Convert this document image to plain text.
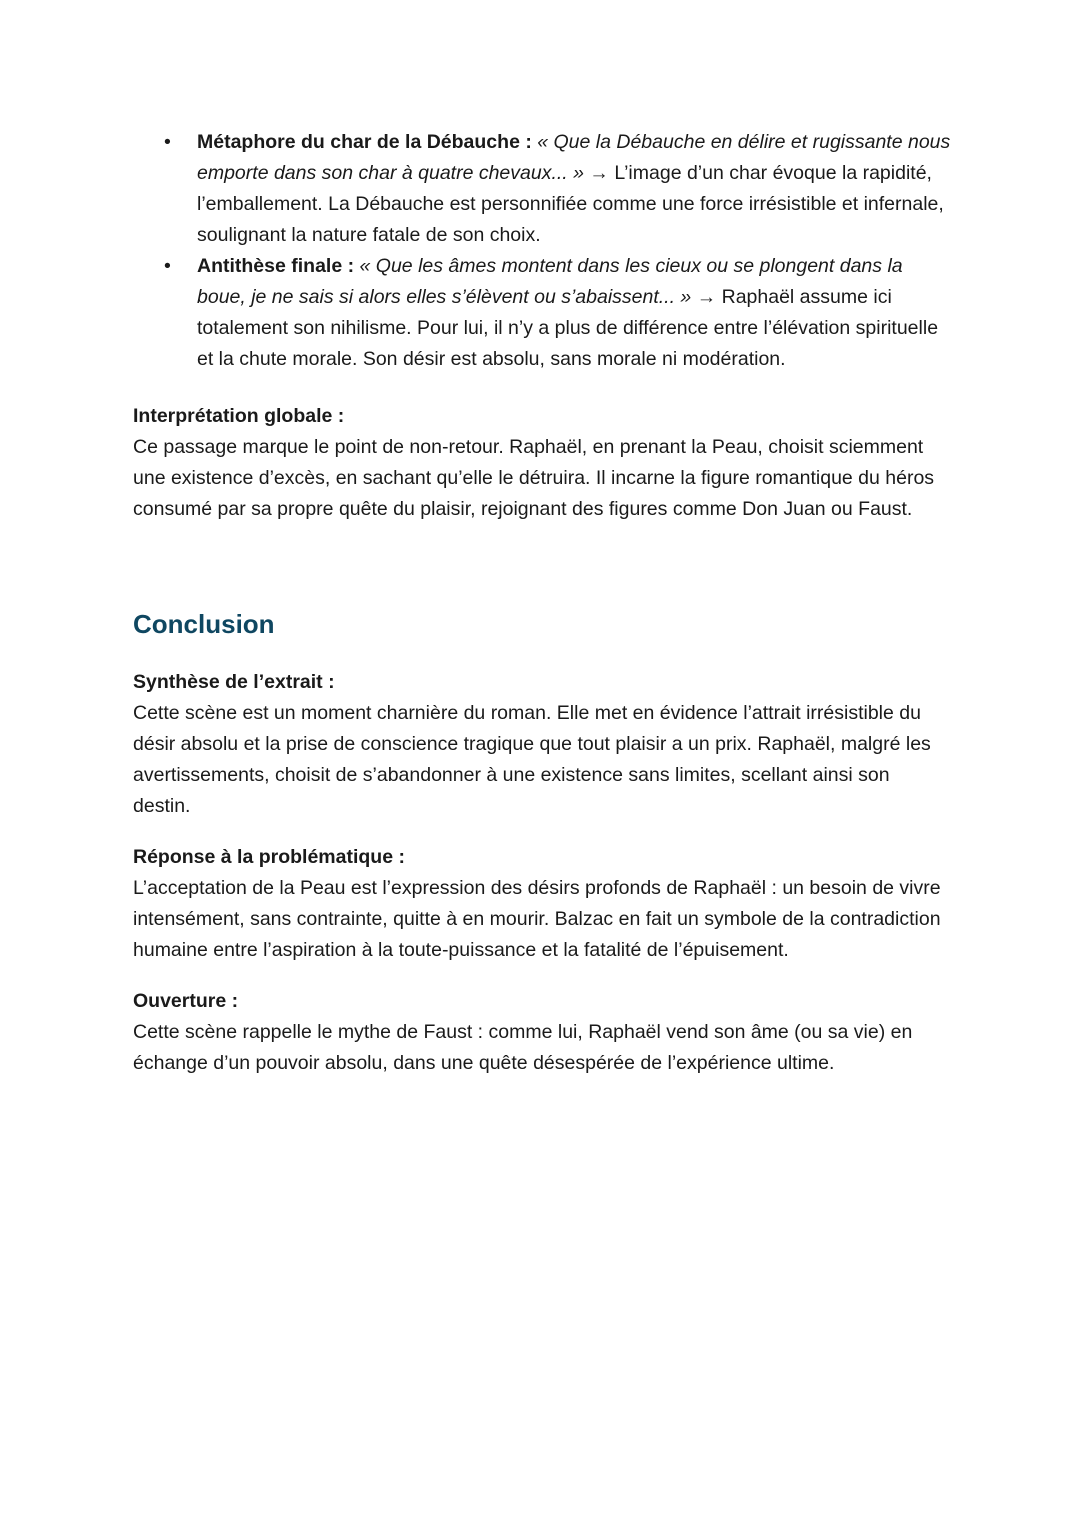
•	Métaphore du char de la Débauche : « Que la Débauche en délire et rugissante nous emporte dans son char à quatre chevaux... » → L’image d’un char évoque la rapidité, l’emballement. La Débauche est personnifiée comme une force irrésistible et infernale, soulignant la nature fatale de son choix.
•	Antithèse finale : « Que les âmes montent dans les cieux ou se plongent dans la boue, je ne sais si alors elles s’élèvent ou s’abaissent... » → Raphaël assume ici totalement son nihilisme. Pour lui, il n’y a plus de différence entre l’élévation spirituelle et la chute morale. Son désir est absolu, sans morale ni modération.
Interprétation globale :
Ce passage marque le point de non-retour. Raphaël, en prenant la Peau, choisit sciemment une existence d’excès, en sachant qu’elle le détruira. Il incarne la figure romantique du héros consumé par sa propre quête du plaisir, rejoignant des figures comme Don Juan ou Faust.
Conclusion
Synthèse de l’extrait :
Cette scène est un moment charnière du roman. Elle met en évidence l’attrait irrésistible du désir absolu et la prise de conscience tragique que tout plaisir a un prix. Raphaël, malgré les avertissements, choisit de s’abandonner à une existence sans limites, scellant ainsi son destin.
Réponse à la problématique :
L’acceptation de la Peau est l’expression des désirs profonds de Raphaël : un besoin de vivre intensément, sans contrainte, quitte à en mourir. Balzac en fait un symbole de la contradiction humaine entre l’aspiration à la toute-puissance et la fatalité de l’épuisement.
Ouverture :
Cette scène rappelle le mythe de Faust : comme lui, Raphaël vend son âme (ou sa vie) en échange d’un pouvoir absolu, dans une quête désespérée de l’expérience ultime.
